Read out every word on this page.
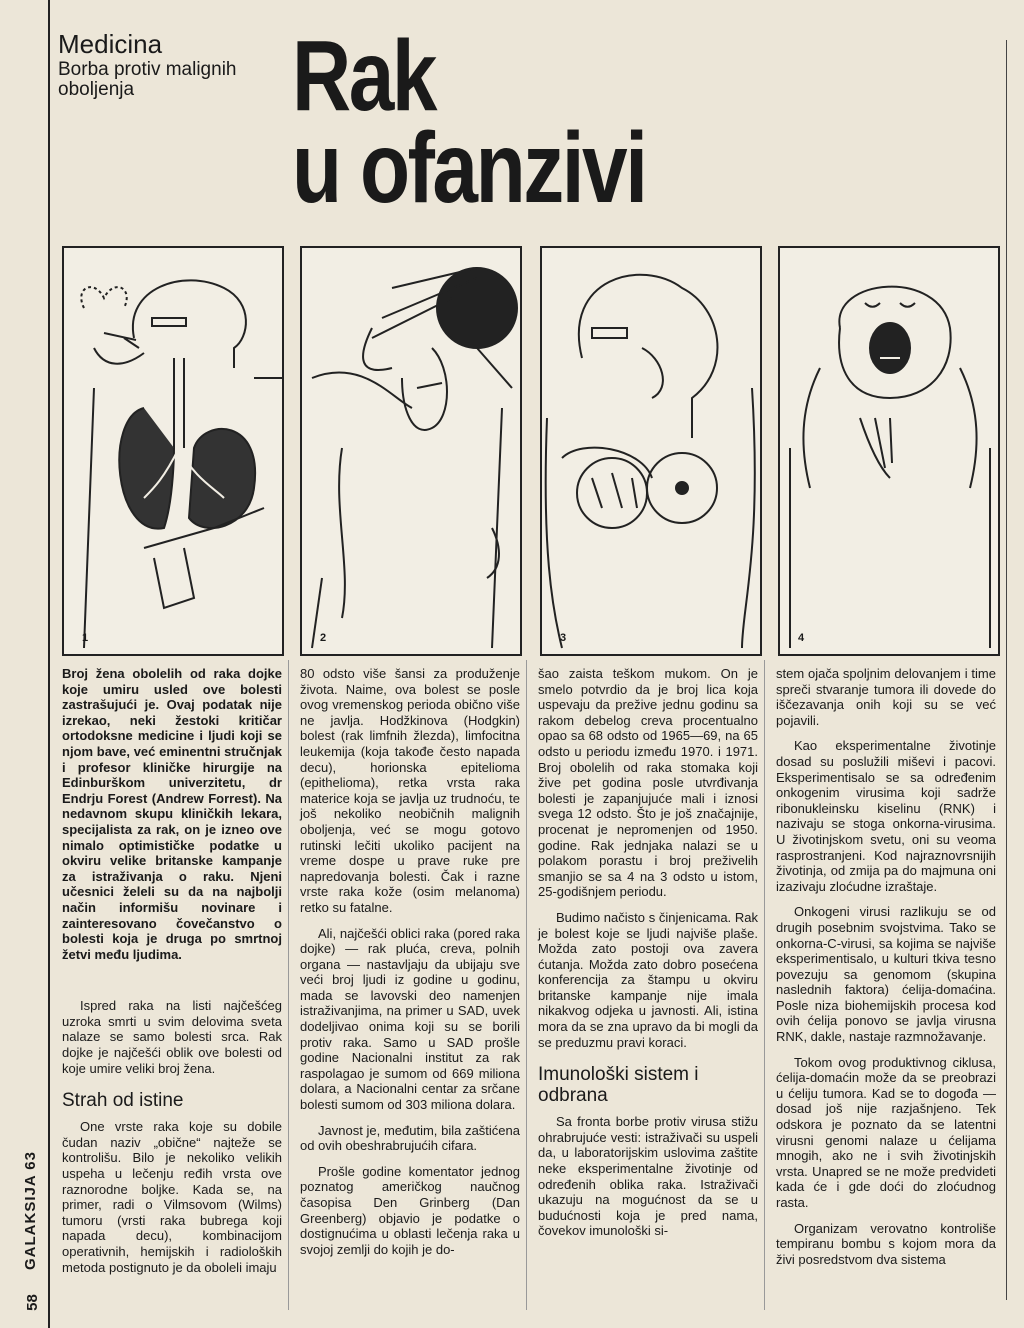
Medicina
Borba protiv malignih oboljenja	Rak
u ofanzivi
1	2	3	4

Broj žena obolelih od raka dojke koje umiru usled ove bolesti zastrašujući je. Ovaj podatak nije izrekao, neki žestoki kritičar ortodoksne medicine i ljudi koji se njom bave, već eminentni stručnjak i profesor kliničke hirurgije na Edinburškom univerzitetu, dr Endrju Forest (Andrew Forrest). Na nedavnom skupu kliničkih lekara, specijalista za rak, on je izneo ove nimalo optimističke podatke u okviru velike britanske kampanje za istraživanja o raku. Njeni učesnici želeli su da na najbolji način informišu novinare i zainteresovano čovečanstvo o bolesti koja je druga po smrtnoj žetvi među ljudima.

Ispred raka na listi najčešćeg uzroka smrti u svim delovima sveta nalaze se samo bolesti srca. Rak dojke je najčešći oblik ove bolesti od koje umire veliki broj žena.

Strah od istine

One vrste raka koje su dobile čudan naziv „obične“ najteže se kontrolišu. Bilo je nekoliko velikih uspeha u lečenju ređih vrsta ove raznorodne bolјke. Kada se, na primer, radi o Vilmsovom (Wilms) tumoru (vrsti raka bubrega koji napada decu), kombinacijom operativnih, hemijskih i radioloških metoda postignuto je da oboleli imaju

80 odsto više šansi za produženje života. Naime, ova bolest se posle ovog vremenskog perioda obično više ne javlja. Hodžkinova (Hodgkin) bolest (rak limfnih žlezda), limfocitna leukemija (koja takođe često napada decu), horionska epitelioma (epithelioma), retka vrsta raka materice koja se javlja uz trudnoću, te još nekoliko neobičnih malignih oboljenja, već se mogu gotovo rutinski lečiti ukoliko pacijent na vreme dospe u prave ruke pre napredovanja bolesti. Čak i razne vrste raka kože (osim melanoma) retko su fatalne.

Ali, najčešći oblici raka (pored raka dojke) — rak pluća, creva, polnih organa — nastavljaju da ubijaju sve veći broj ljudi iz godine u godinu, mada se lavovski deo namenjen istraživanjima, na primer u SAD, uvek dodeljivao onima koji su se borili protiv raka. Samo u SAD prošle godine Nacionalni institut za rak raspolagao je sumom od 669 miliona dolara, a Nacionalni centar za srčane bolesti sumom od 303 miliona dolara.

Javnost je, međutim, bila zaštićena od ovih obeshrabrujućih cifara.

Prošle godine komentator jednog poznatog američkog naučnog časopisa Den Grinberg (Dan Greenberg) objavio je podatke o dostignućima u oblasti lečenja raka u svojoj zemlji do kojih je do-

šao zaista teškom mukom. On je smelo potvrdio da je broj lica koja uspevaju da prežive jednu godinu sa rakom debelog creva procentualno opao sa 68 odsto od 1965—69, na 65 odsto u periodu između 1970. i 1971. Broj obolelih od raka stomaka koji žive pet godina posle utvrđivanja bolesti je zapanjujuće mali i iznosi svega 12 odsto. Što je još značajnije, procenat je nepromenjen od 1950. godine. Rak jednjaka nalazi se u polakom porastu i broj preživelih smanjio se sa 4 na 3 odsto u istom, 25-godišnjem periodu.

Budimo načisto s činjenicama. Rak je bolest koje se ljudi najviše plaše. Možda zato postoji ova zavera ćutanja. Možda zato dobro posećena konferencija za štampu u okviru britanske kampanje nije imala nikakvog odjeka u javnosti. Ali, istina mora da se zna upravo da bi mogli da se preduzmu pravi koraci.

Imunološki sistem i odbrana

Sa fronta borbe protiv virusa stižu ohrabrujuće vesti: istraživači su uspeli da, u laboratorijskim uslovima zaštite neke eksperimentalne životinje od određenih oblika raka. Istraživači ukazuju na mogućnost da se u budućnosti koja je pred nama, čovekov imunološki si-

stem ojača spoljnim delovanjem i time spreči stvaranje tumora ili dovede do iščezavanja onih koji su se već pojavili.

Kao eksperimentalne životinje dosad su poslužili miševi i pacovi. Eksperimentisalo se sa određenim onkogenim virusima koji sadrže ribonukleinsku kiselinu (RNK) i nazivaju se stoga onkorna-virusima. U životinjskom svetu, oni su veoma rasprostranjeni. Kod najraznovrsnijih životinja, od zmija pa do majmuna oni izazivaju zloćudne izraštaje.

Onkogeni virusi razlikuju se od drugih posebnim svojstvima. Tako se onkorna-C-virusi, sa kojima se najviše eksperimentisalo, u kulturi tkiva tesno povezuju sa genomom (skupina naslednih faktora) ćelija-domaćina. Posle niza biohemijskih procesa kod ovih ćelija ponovo se javlja virusna RNK, dakle, nastaje razmnožavanje.

Tokom ovog produktivnog ciklusa, ćelija-domaćin može da se preobrazi u ćeliju tumora. Kad se to dogođa — dosad još nije razjašnjeno. Tek odskora je poznato da se latentni virusni genomi nalaze u ćelijama mnogih, ako ne i svih životinjskih vrsta. Unapred se ne može predvideti kada će i gde doći do zloćudnog rasta.

Organizam verovatno kontroliše tempiranu bombu s kojom mora da živi posredstvom dva sistema

GALAKSIJA 63
58
